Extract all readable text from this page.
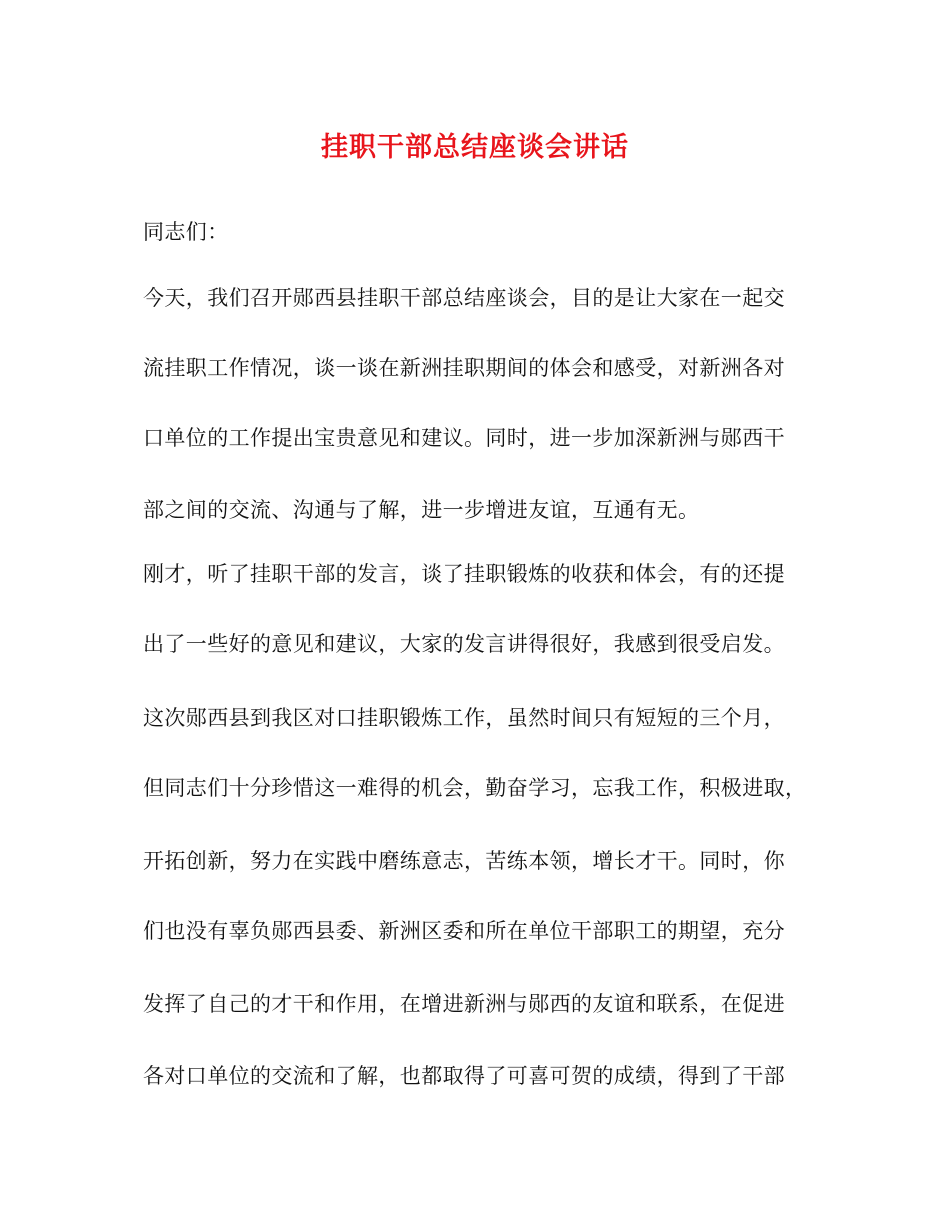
挂职干部总结座谈会讲话
同志们：
今天，我们召开郧西县挂职干部总结座谈会，目的是让大家在一起交
流挂职工作情况，谈一谈在新洲挂职期间的体会和感受，对新洲各对
口单位的工作提出宝贵意见和建议。同时，进一步加深新洲与郧西干
部之间的交流、沟通与了解，进一步增进友谊，互通有无。
刚才，听了挂职干部的发言，谈了挂职锻炼的收获和体会，有的还提
出了一些好的意见和建议，大家的发言讲得很好，我感到很受启发。
这次郧西县到我区对口挂职锻炼工作，虽然时间只有短短的三个月，
但同志们十分珍惜这一难得的机会，勤奋学习，忘我工作，积极进取，
开拓创新，努力在实践中磨练意志，苦练本领，增长才干。同时，你
们也没有辜负郧西县委、新洲区委和所在单位干部职工的期望，充分
发挥了自己的才干和作用，在增进新洲与郧西的友谊和联系，在促进
各对口单位的交流和了解，也都取得了可喜可贺的成绩，得到了干部
